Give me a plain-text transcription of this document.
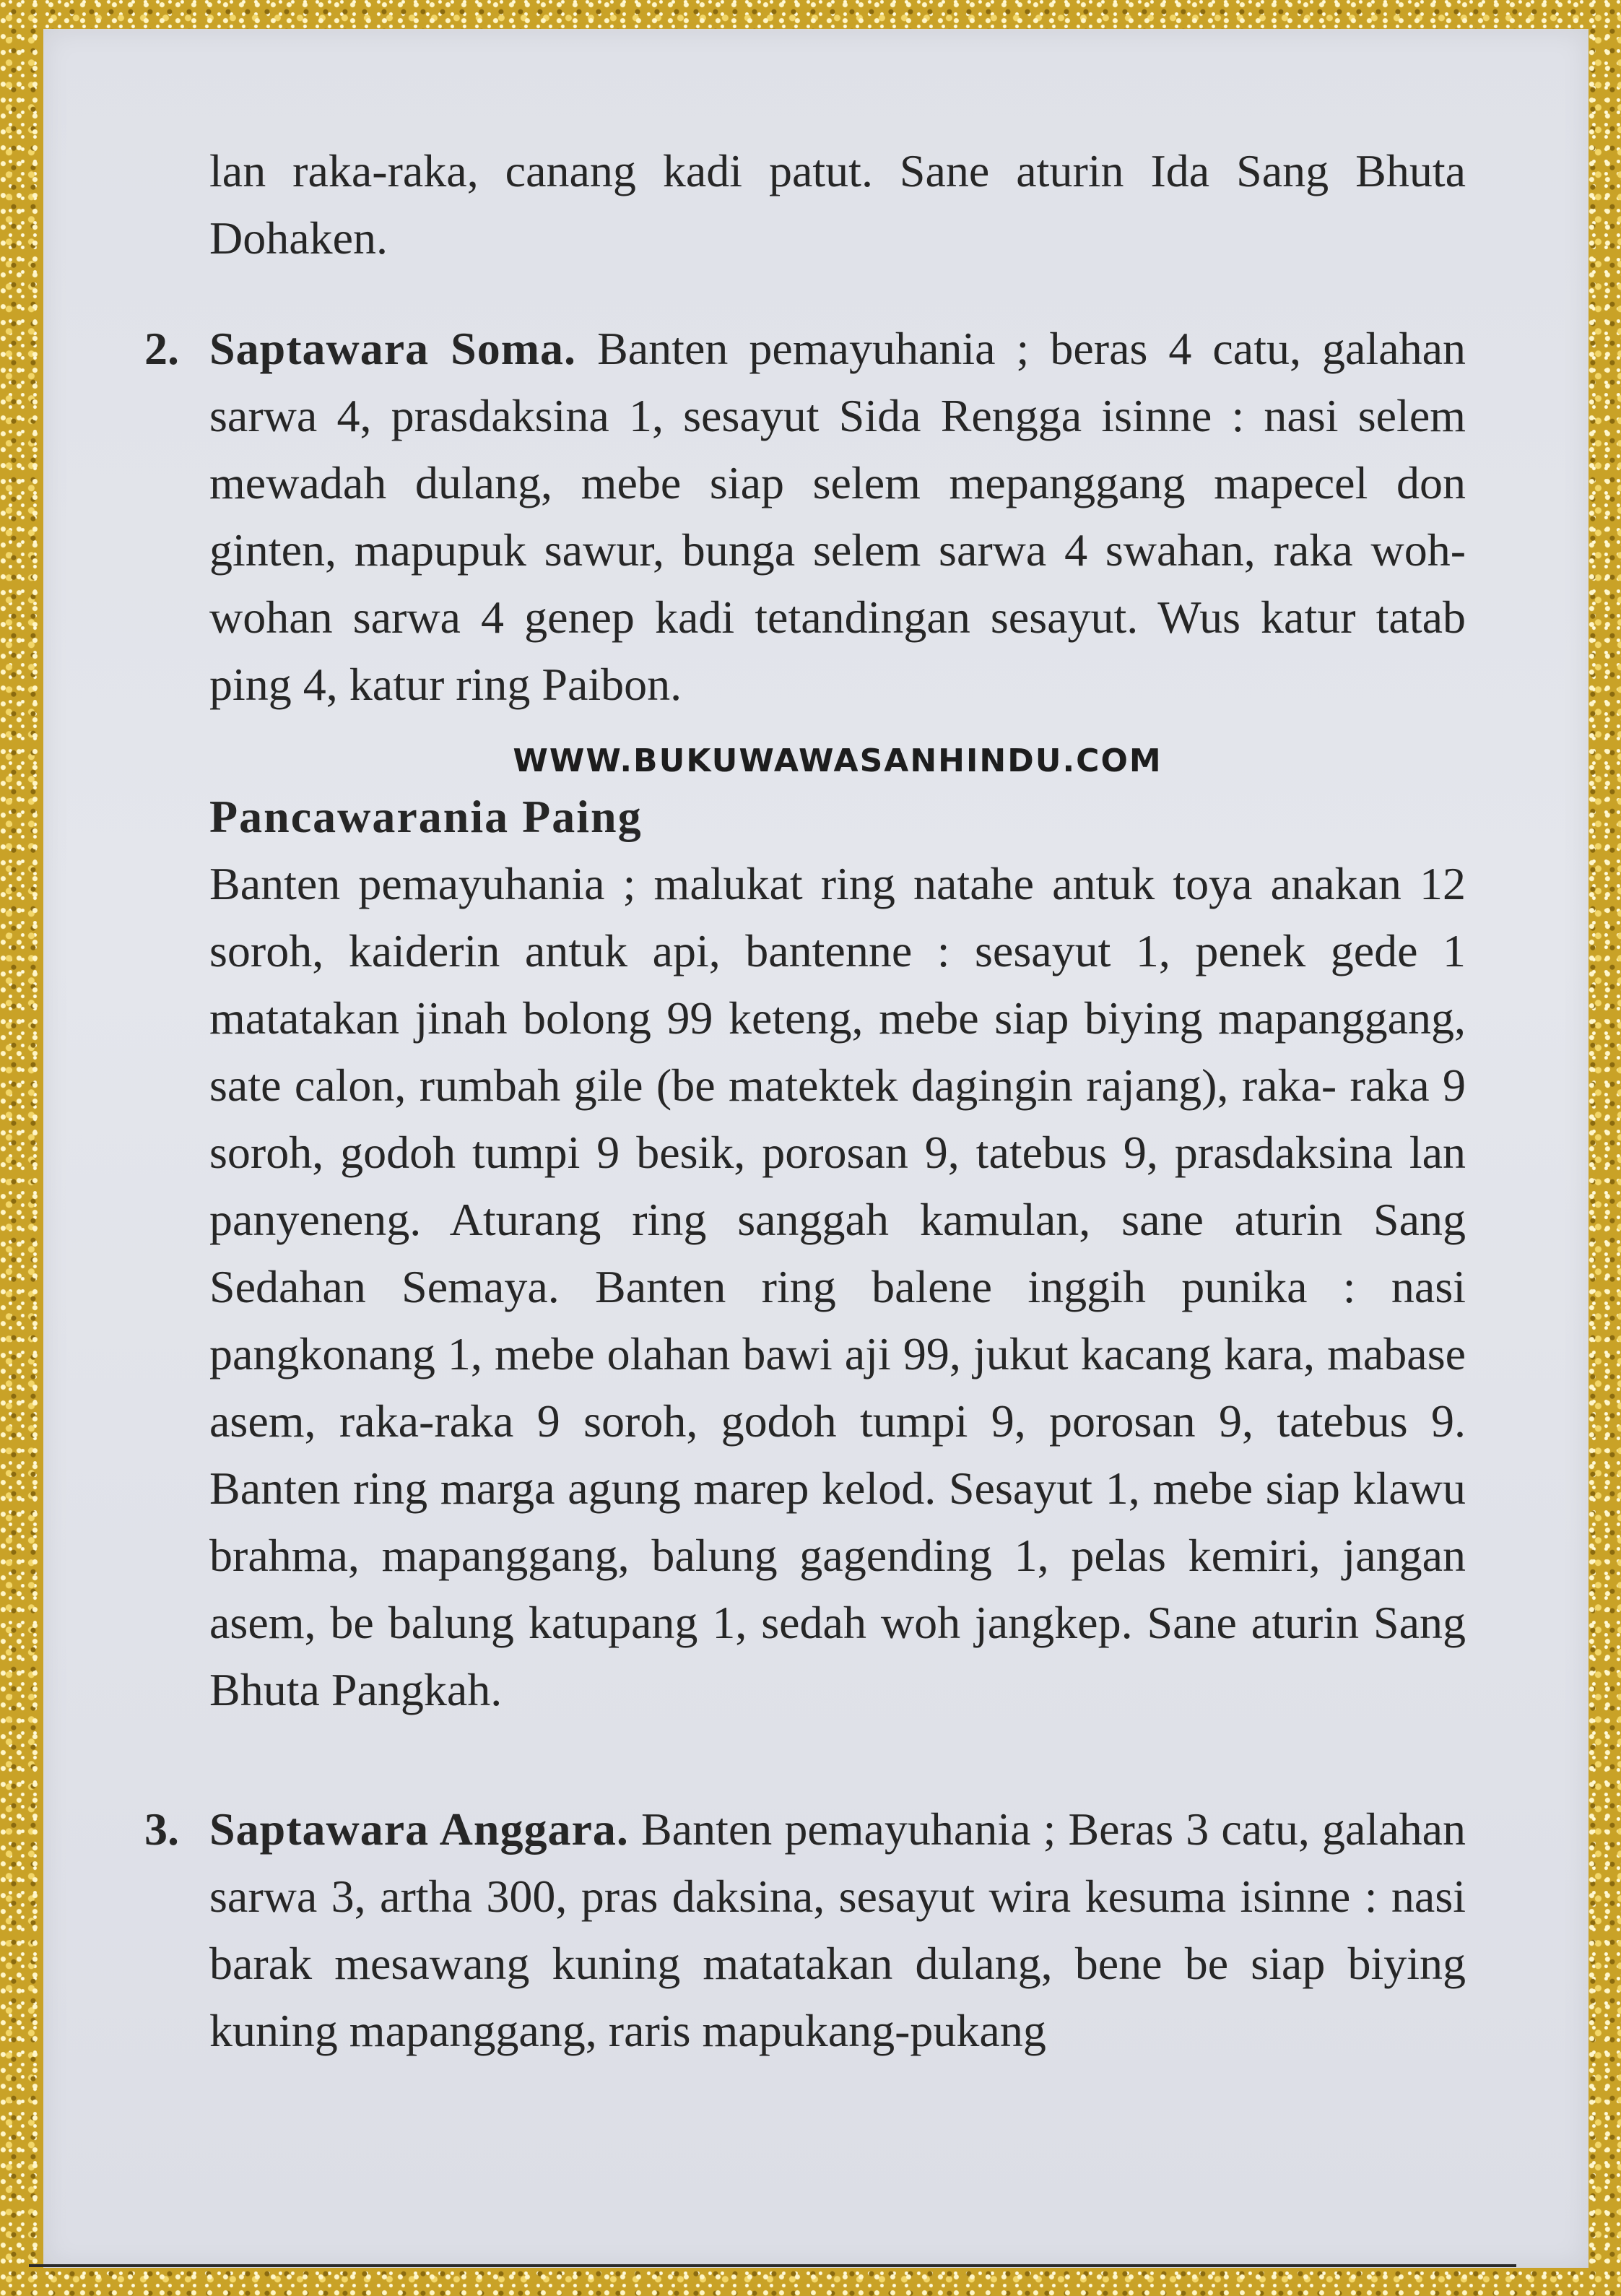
lan raka-raka, canang kadi patut. Sane aturin Ida Sang Bhuta Dohaken.

2. Saptawara Soma. Banten pemayuhania ; beras 4 catu, galahan sarwa 4, prasdaksina 1, sesayut Sida Rengga isinne : nasi selem mewadah dulang, mebe siap selem mepanggang mapecel don ginten, mapupuk sawur, bunga selem sarwa 4 swahan, raka woh-wohan sarwa 4 genep kadi tetandingan sesayut. Wus katur tatab ping 4, katur ring Paibon.

WWW.BUKUWAWASANHINDU.COM

Pancawarania Paing

Banten pemayuhania ; malukat ring natahe antuk toya anakan 12 soroh, kaiderin antuk api, bantenne : sesayut 1, penek gede 1 matatakan jinah bolong 99 keteng, mebe siap biying mapanggang, sate calon, rumbah gile (be matektek dagingin rajang), raka- raka 9 soroh, godoh tumpi 9 besik, porosan 9, tatebus 9, prasdaksina lan panyeneng. Aturang ring sanggah kamulan, sane aturin Sang Sedahan Semaya. Banten ring balene inggih punika : nasi pangkonang 1, mebe olahan bawi aji 99, jukut kacang kara, mabase asem, raka-raka 9 soroh, godoh tumpi 9, porosan 9, tatebus 9. Banten ring marga agung marep kelod. Sesayut 1, mebe siap klawu brahma, mapanggang, balung gagending 1, pelas kemiri, jangan asem, be balung katupang 1, sedah woh jangkep. Sane aturin Sang Bhuta Pangkah.

3. Saptawara Anggara. Banten pemayuhania ; Beras 3 catu, galahan sarwa 3, artha 300, pras daksina, sesayut wira kesuma isinne : nasi barak mesawang kuning matatakan dulang, bene be siap biying kuning mapanggang, raris mapukang-pukang
